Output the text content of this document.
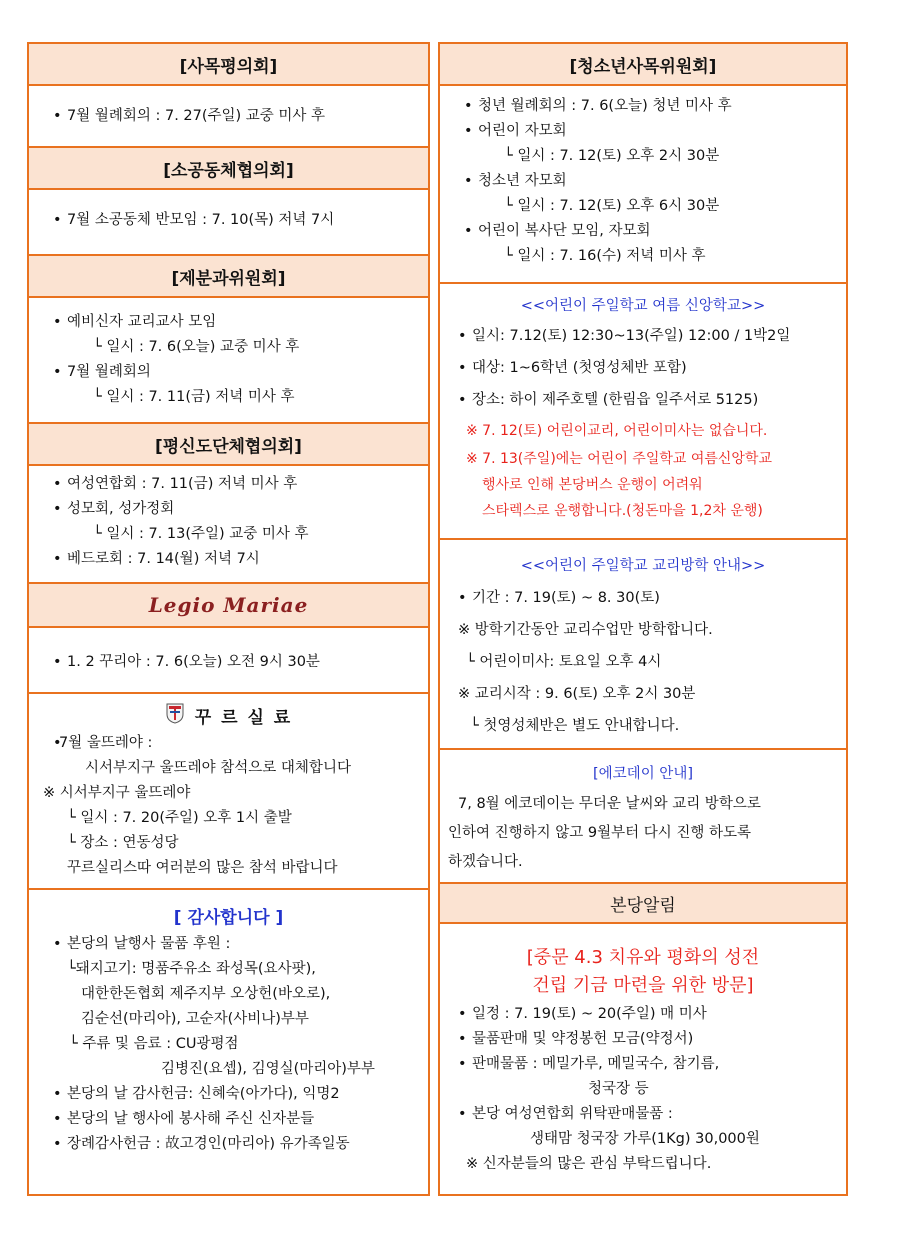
[사목평의회]
• 7월 월례회의 : 7. 27(주일) 교중 미사 후
[소공동체협의회]
• 7월 소공동체 반모임 : 7. 10(목) 저녁 7시
[제분과위원회]
• 예비신자 교리교사 모임
└ 일시 : 7. 6(오늘) 교중 미사 후
• 7월 월례회의
└ 일시 : 7. 11(금) 저녁 미사 후
[평신도단체협의회]
• 여성연합회 : 7. 11(금) 저녁 미사 후
• 성모회, 성가정회
└ 일시 : 7. 13(주일) 교중 미사 후
• 베드로회 : 7. 14(월) 저녁 7시
Legio Mariae
• 1. 2 꾸리아 : 7. 6(오늘) 오전 9시 30분
꾸 르 실 료
• 7월 울뜨레야 :
시서부지구 울뜨레야 참석으로 대체합니다
※ 시서부지구 울뜨레야
└ 일시 : 7. 20(주일) 오후 1시 출발
└ 장소 : 연동성당
꾸르실리스따 여러분의 많은 참석 바랍니다
[ 감사합니다 ]
• 본당의 날행사 물품 후원 :
└돼지고기: 명품주유소 좌성목(요사팟),
대한한돈협회 제주지부 오상헌(바오로),
김순선(마리아), 고순자(사비나)부부
└ 주류 및 음료 : CU광평점
김병진(요셉), 김영실(마리아)부부
• 본당의 날 감사헌금: 신혜숙(아가다), 익명2
• 본당의 날 행사에 봉사해 주신 신자분들
• 장례감사헌금 : 故고경인(마리아) 유가족일동
[청소년사목위원회]
• 청년 월례회의 : 7. 6(오늘) 청년 미사 후
• 어린이 자모회
└ 일시 : 7. 12(토) 오후 2시 30분
• 청소년 자모회
└ 일시 : 7. 12(토) 오후 6시 30분
• 어린이 복사단 모임, 자모회
└ 일시 : 7. 16(수) 저녁 미사 후
<<어린이 주일학교 여름 신앙학교>>
• 일시: 7.12(토) 12:30~13(주일) 12:00 / 1박2일
• 대상: 1~6학년 (첫영성체반 포함)
• 장소: 하이 제주호텔 (한림읍 일주서로 5125)
※ 7. 12(토) 어린이교리, 어린이미사는 없습니다.
※ 7. 13(주일)에는 어린이 주일학교 여름신앙학교
행사로 인해 본당버스 운행이 어려워
스타렉스로 운행합니다.(청돈마을 1,2차 운행)
<<어린이 주일학교 교리방학 안내>>
• 기간 : 7. 19(토) ~ 8. 30(토)
※ 방학기간동안 교리수업만 방학합니다.
└ 어린이미사: 토요일 오후 4시
※ 교리시작 : 9. 6(토) 오후 2시 30분
└ 첫영성체반은 별도 안내합니다.
[에코데이 안내]
7, 8월 에코데이는 무더운 날씨와 교리 방학으로
인하여 진행하지 않고 9월부터 다시 진행 하도록
하겠습니다.
본당알림
[중문 4.3 치유와 평화의 성전
건립 기금 마련을 위한 방문]
• 일정 : 7. 19(토) ~ 20(주일) 매 미사
• 물품판매 및 약정봉헌 모금(약정서)
• 판매물품 : 메밀가루, 메밀국수, 참기름,
청국장 등
• 본당 여성연합회 위탁판매물품 :
생태맘 청국장 가루(1Kg) 30,000원
※ 신자분들의 많은 관심 부탁드립니다.
